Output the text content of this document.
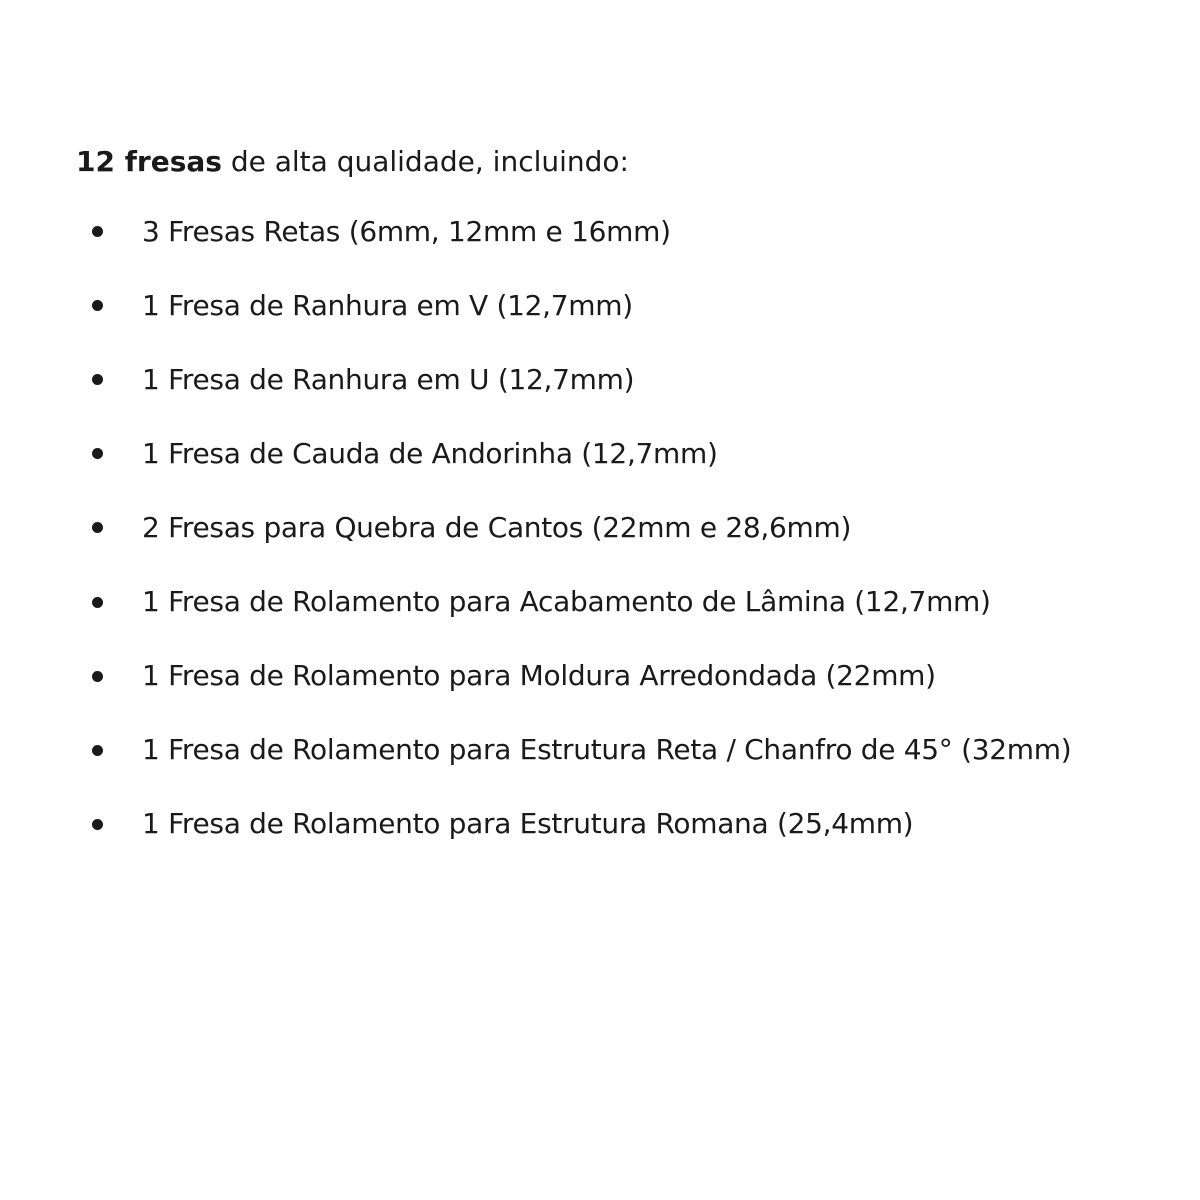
12 fresas de alta qualidade, incluindo:

3 Fresas Retas (6mm, 12mm e 16mm)
1 Fresa de Ranhura em V (12,7mm)
1 Fresa de Ranhura em U (12,7mm)
1 Fresa de Cauda de Andorinha (12,7mm)
2 Fresas para Quebra de Cantos (22mm e 28,6mm)
1 Fresa de Rolamento para Acabamento de Lâmina (12,7mm)
1 Fresa de Rolamento para Moldura Arredondada (22mm)
1 Fresa de Rolamento para Estrutura Reta / Chanfro de 45° (32mm)
1 Fresa de Rolamento para Estrutura Romana (25,4mm)
